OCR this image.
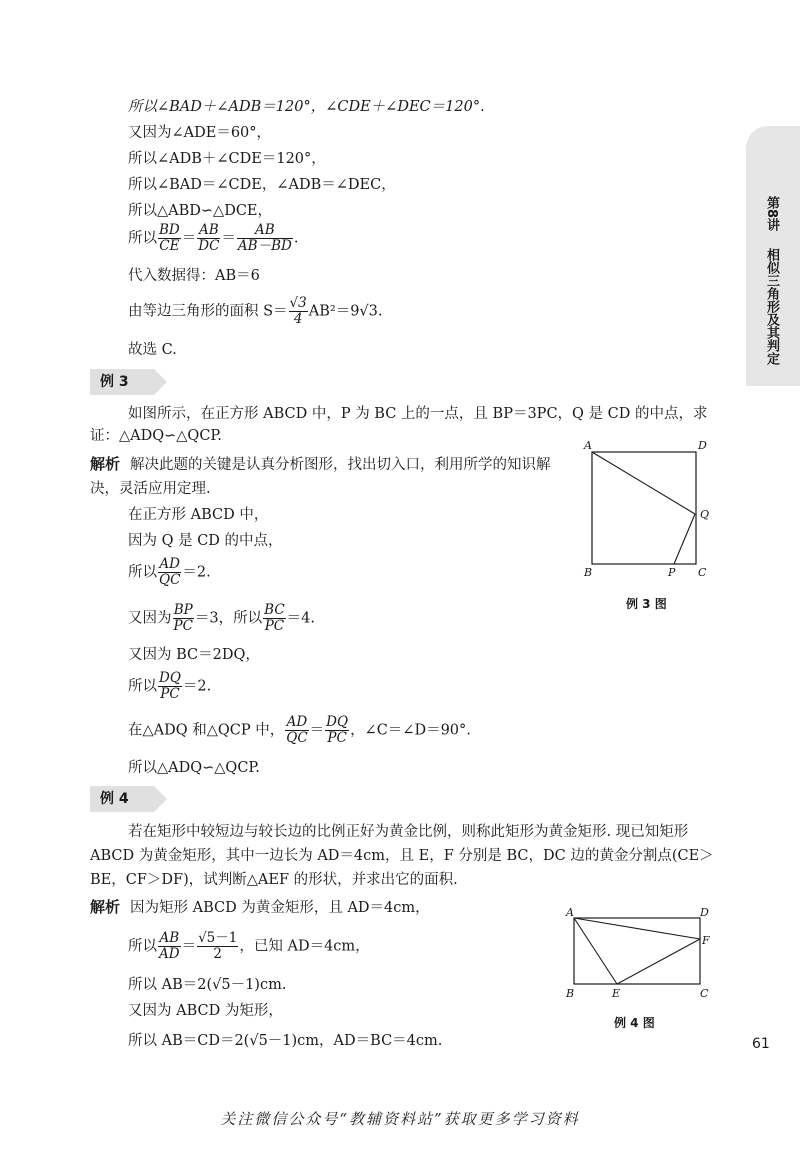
第8讲
相似三角形及其判定
所以∠BAD＋∠ADB＝120°，∠CDE＋∠DEC＝120°.
又因为∠ADE＝60°，
所以∠ADB＋∠CDE＝120°，
所以∠BAD＝∠CDE，∠ADB＝∠DEC，
所以△ABD∽△DCE，
所以 $\frac{BD}{CE} = \frac{AB}{DC} = \frac{AB}{AB-BD}$ .
代入数据得：AB＝6
由等边三角形的面积 $S= \frac{√3}{4} AB^2=9√3$.
故选 C.
例 3
如图所示，在正方形 ABCD 中，P 为 BC 上的一点，且 BP＝3PC，Q 是 CD 的中点，求证：△ADQ∽△QCP.
解析 解决此题的关键是认真分析图形，找出切入口，利用所学的知识解决，灵活应用定理.
在正方形 ABCD 中，
因为 Q 是 CD 的中点，
所以 $\frac{AD}{QC} =2$.
又因为 $\frac{BP}{PC} =3$，所以 $\frac{BC}{PC} =4$.
又因为 BC＝2DQ，
所以 $\frac{DQ}{PC} =2$.
在△ADQ 和△QCP 中， $\frac{AD}{QC} = \frac{DQ}{PC}$ ，∠C＝∠D＝90°.
所以△ADQ∽△QCP.
A	D
Q
B	P C
例 3 图
例 4
若在矩形中较短边与较长边的比例正好为黄金比例，则称此矩形为黄金矩形. 现已知矩形 ABCD 为黄金矩形，其中一边长为 AD＝4cm，且 E，F 分别是 BC，DC 边的黄金分割点(CE＞BE，CF＞DF)，试判断△AEF 的形状，并求出它的面积.
解析 因为矩形 ABCD 为黄金矩形，且 AD＝4cm，
所以 $\frac{AB}{AD} = \frac{√5-1}{2}$ ，已知 AD＝4cm，
所以 AB＝2(√5－1)cm.
又因为 ABCD 为矩形，
所以 AB＝CD＝2(√5－1)cm，AD＝BC＝4cm.
A	D
F
B	E	C
例 4 图
61
关注微信公众号“教辅资料站”获取更多学习资料
